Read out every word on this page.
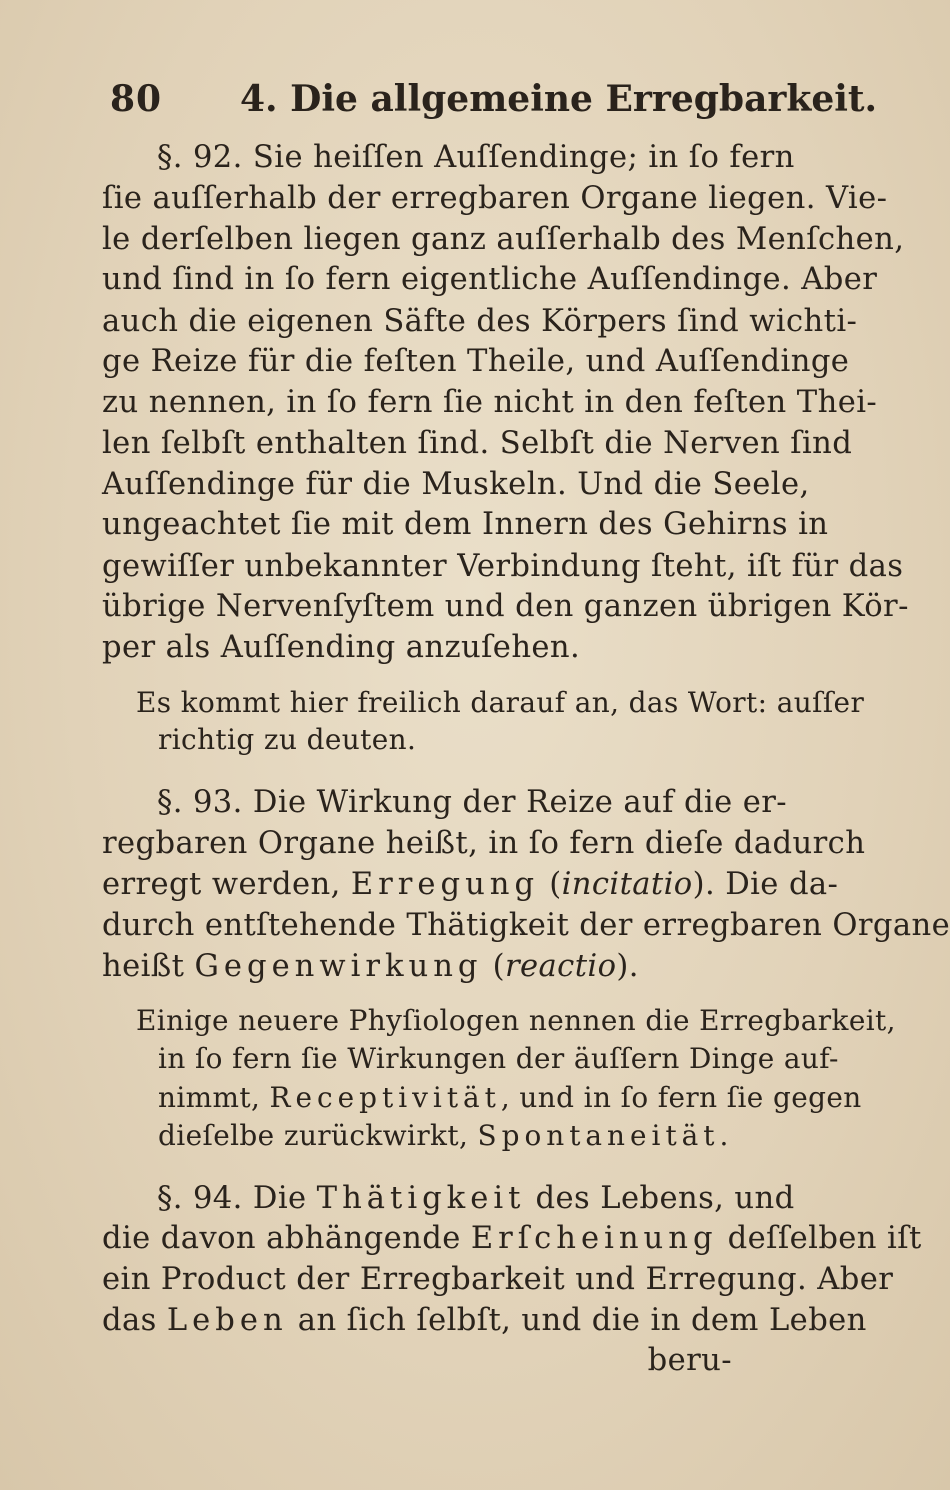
80 4. Die allgemeine Erregbarkeit.
§. 92. Sie heiſſen Auſſendinge; in ſo fern
ſie auſſerhalb der erregbaren Organe liegen. Vie-
le derſelben liegen ganz auſſerhalb des Menſchen,
und ſind in ſo fern eigentliche Auſſendinge. Aber
auch die eigenen Säfte des Körpers ſind wichti-
ge Reize für die feſten Theile, und Auſſendinge
zu nennen, in ſo fern ſie nicht in den feſten Thei-
len ſelbſt enthalten ſind. Selbſt die Nerven ſind
Auſſendinge für die Muskeln. Und die Seele,
ungeachtet ſie mit dem Innern des Gehirns in
gewiſſer unbekannter Verbindung ſteht, iſt für das
übrige Nervenſyſtem und den ganzen übrigen Kör-
per als Auſſending anzuſehen.
Es kommt hier freilich darauf an, das Wort: auſſer
richtig zu deuten.
§. 93. Die Wirkung der Reize auf die er-
regbaren Organe heißt, in ſo fern dieſe dadurch
erregt werden, Erregung (incitatio). Die da-
durch entſtehende Thätigkeit der erregbaren Organe
heißt Gegenwirkung (reactio).
Einige neuere Phyſiologen nennen die Erregbarkeit,
in ſo fern ſie Wirkungen der äuſſern Dinge auf-
nimmt, Receptivität, und in ſo fern ſie gegen
dieſelbe zurückwirkt, Spontaneität.
§. 94. Die Thätigkeit des Lebens, und
die davon abhängende Erſcheinung deſſelben iſt
ein Product der Erregbarkeit und Erregung. Aber
das Leben an ſich ſelbſt, und die in dem Leben
beru-
